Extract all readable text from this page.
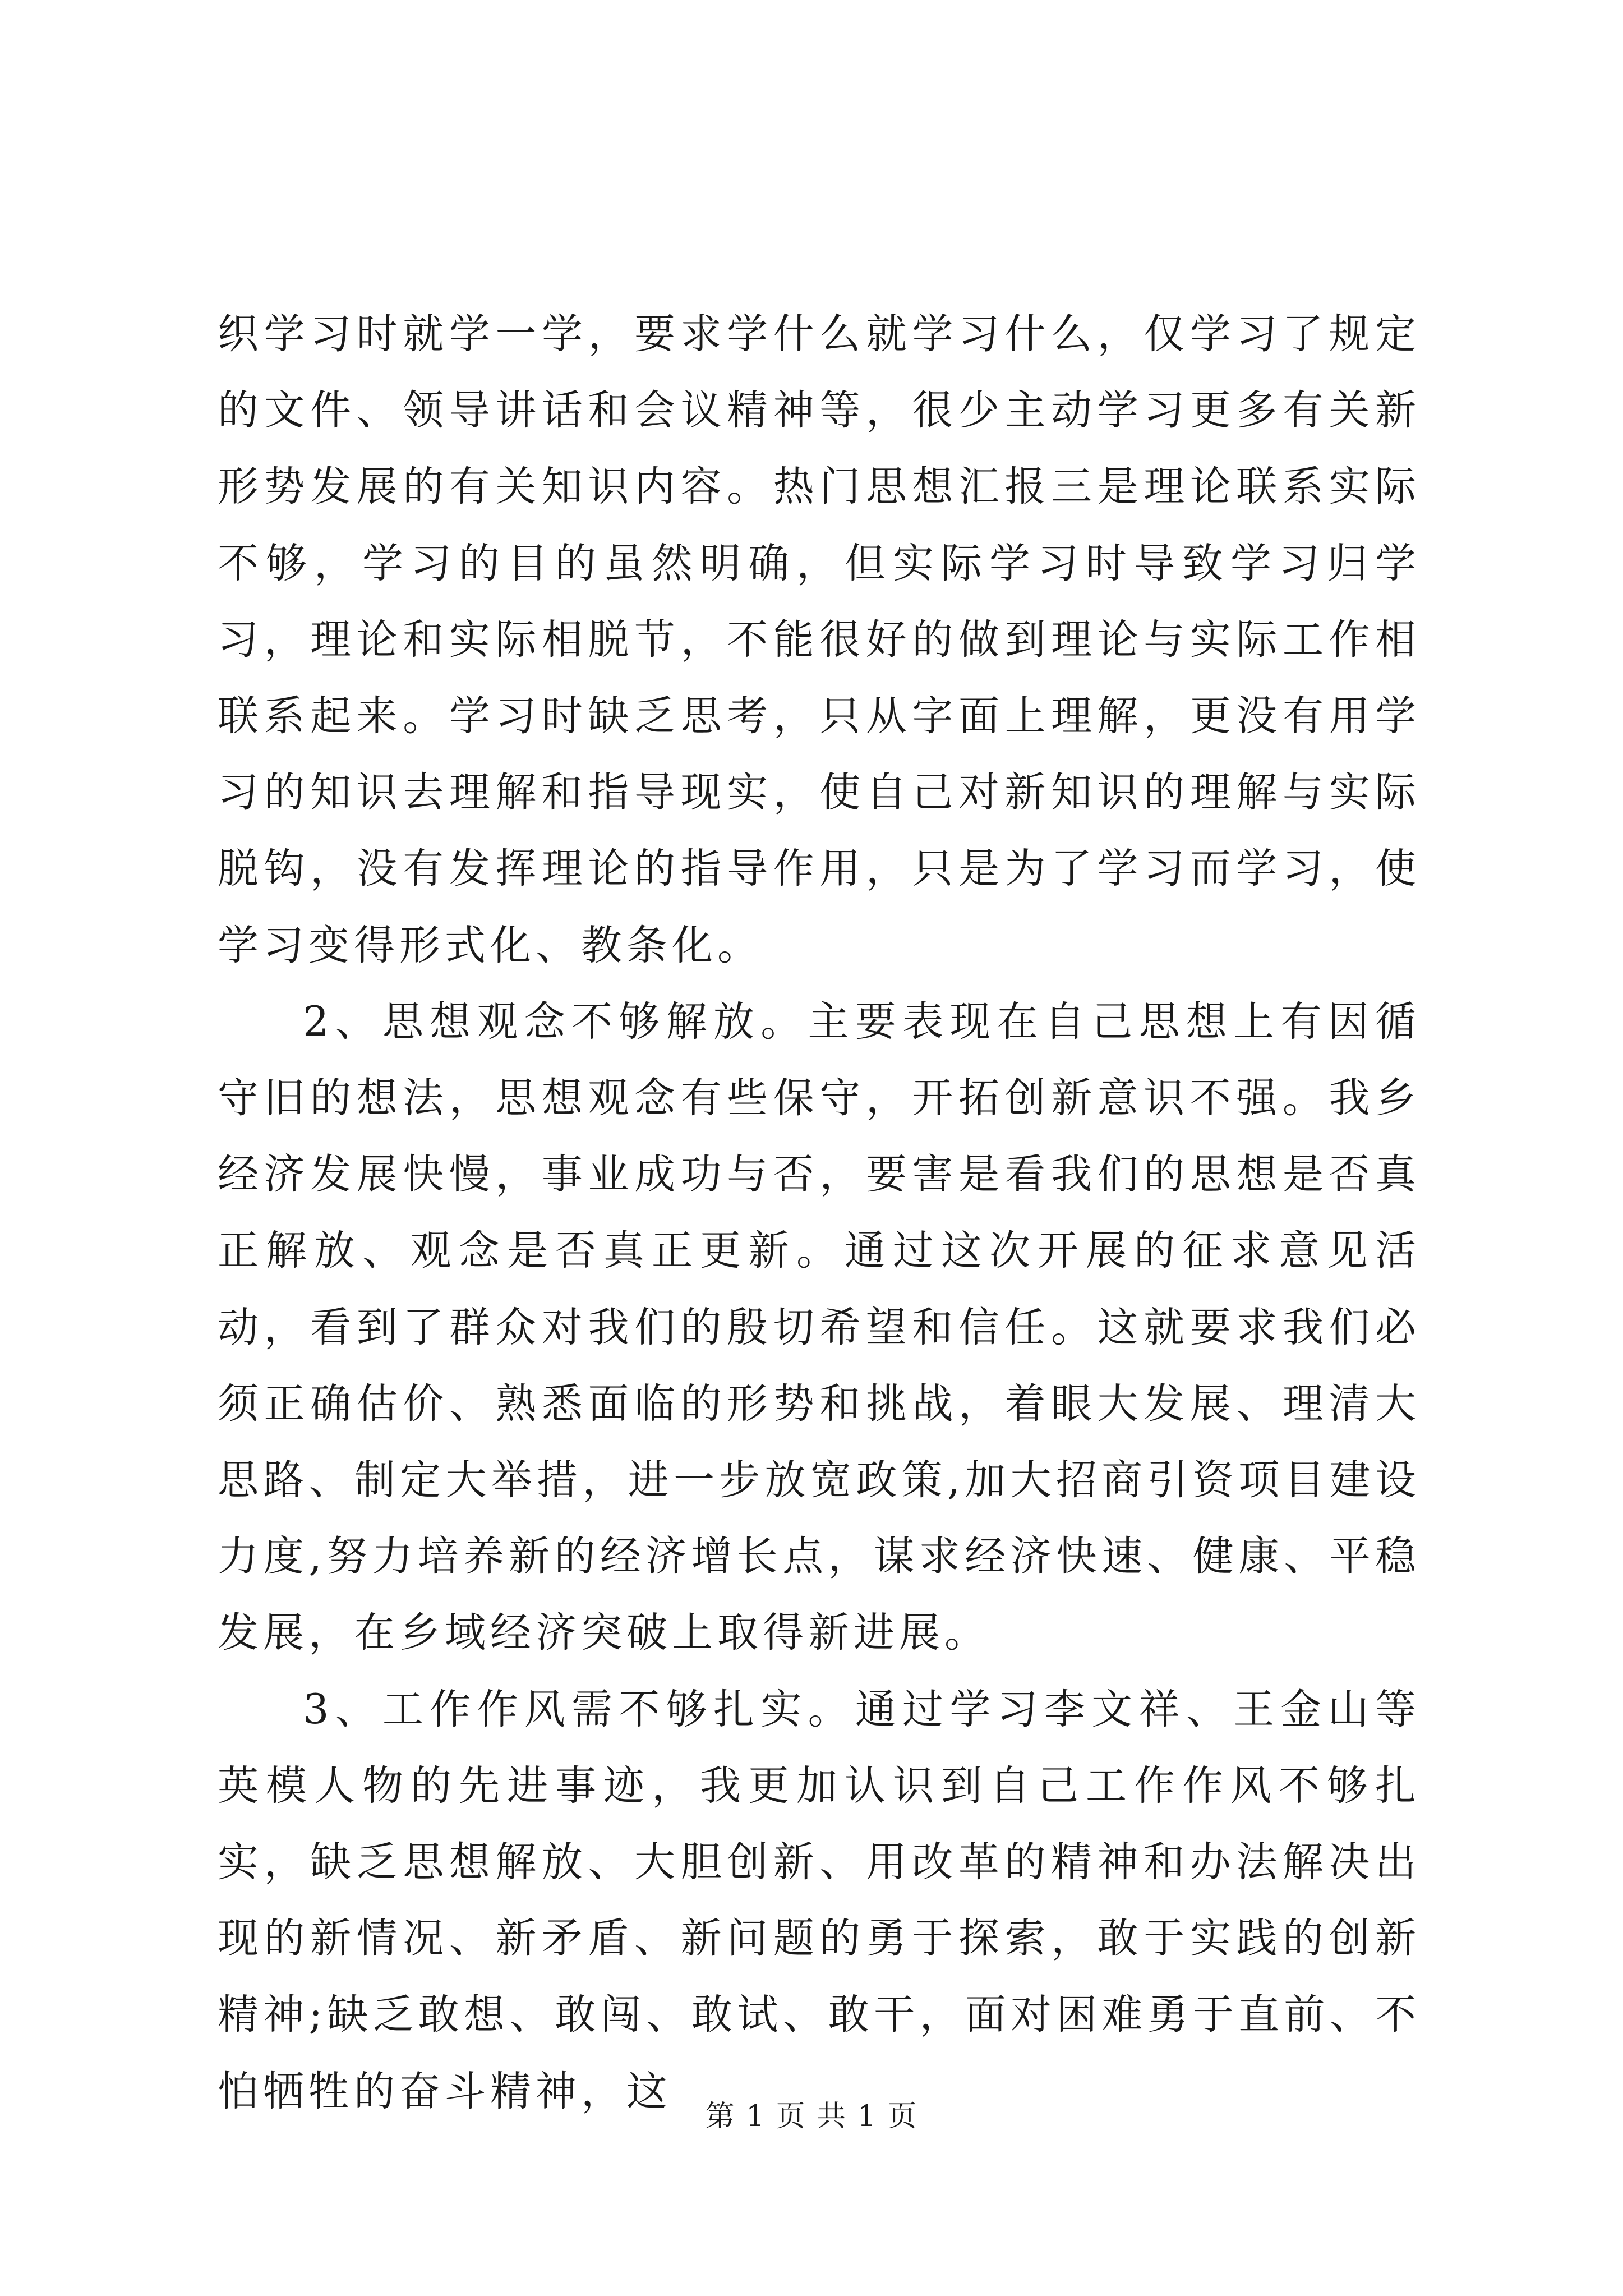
织学习时就学一学，要求学什么就学习什么，仅学习了规定的文件、领导讲话和会议精神等，很少主动学习更多有关新形势发展的有关知识内容。热门思想汇报三是理论联系实际不够，学习的目的虽然明确，但实际学习时导致学习归学习，理论和实际相脱节，不能很好的做到理论与实际工作相联系起来。学习时缺乏思考，只从字面上理解，更没有用学习的知识去理解和指导现实，使自己对新知识的理解与实际脱钩，没有发挥理论的指导作用，只是为了学习而学习，使学习变得形式化、教条化。

2、思想观念不够解放。主要表现在自己思想上有因循守旧的想法，思想观念有些保守，开拓创新意识不强。我乡经济发展快慢，事业成功与否，要害是看我们的思想是否真正解放、观念是否真正更新。通过这次开展的征求意见活动，看到了群众对我们的殷切希望和信任。这就要求我们必须正确估价、熟悉面临的形势和挑战，着眼大发展、理清大思路、制定大举措，进一步放宽政策,加大招商引资项目建设力度,努力培养新的经济增长点，谋求经济快速、健康、平稳发展，在乡域经济突破上取得新进展。

3、工作作风需不够扎实。通过学习李文祥、王金山等英模人物的先进事迹，我更加认识到自己工作作风不够扎实，缺乏思想解放、大胆创新、用改革的精神和办法解决出现的新情况、新矛盾、新问题的勇于探索，敢于实践的创新精神;缺乏敢想、敢闯、敢试、敢干，面对困难勇于直前、不怕牺牲的奋斗精神，这

第 1 页 共 1 页
